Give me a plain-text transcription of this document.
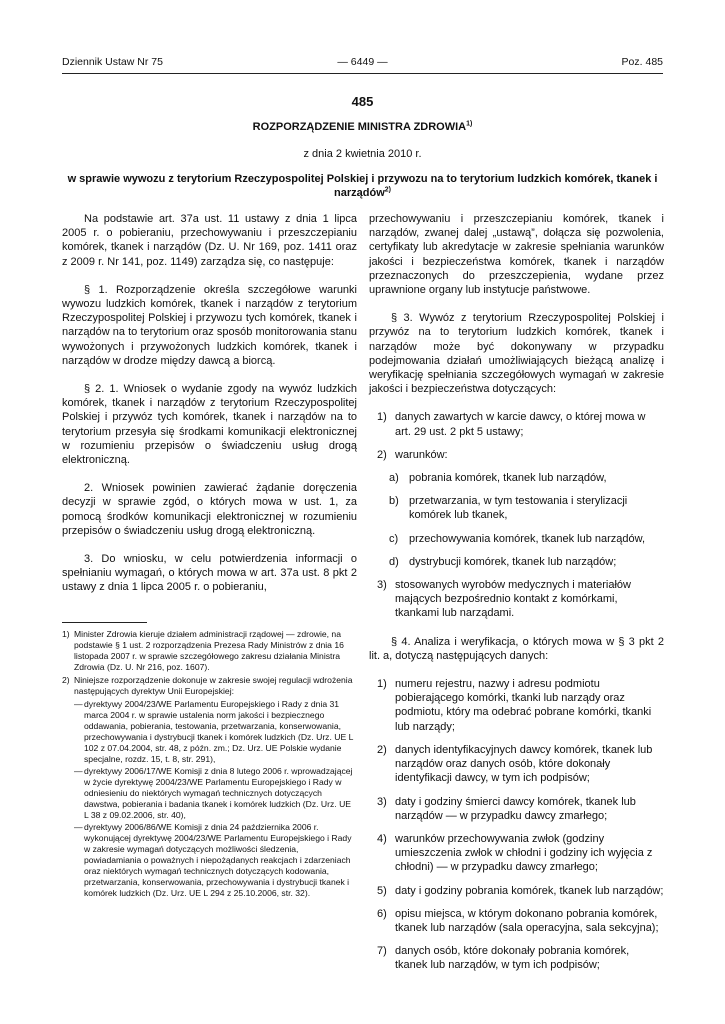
Dziennik Ustaw Nr 75	— 6449 —	Poz. 485
485
ROZPORZĄDZENIE MINISTRA ZDROWIA$^{1)}$
z dnia 2 kwietnia 2010 r.
w sprawie wywozu z terytorium Rzeczypospolitej Polskiej i przywozu na to terytorium ludzkich komórek, tkanek i narządów$^{2)}$

Na podstawie art. 37a ust. 11 ustawy z dnia 1 lipca 2005 r. o pobieraniu, przechowywaniu i przeszczepianiu komórek, tkanek i narządów (Dz. U. Nr 169, poz. 1411 oraz z 2009 r. Nr 141, poz. 1149) zarządza się, co następuje:

§ 1. Rozporządzenie określa szczegółowe warunki wywozu ludzkich komórek, tkanek i narządów z terytorium Rzeczypospolitej Polskiej i przywozu tych komórek, tkanek i narządów na to terytorium oraz sposób monitorowania stanu wywożonych i przywożonych ludzkich komórek, tkanek i narządów w drodze między dawcą a biorcą.

§ 2. 1. Wniosek o wydanie zgody na wywóz ludzkich komórek, tkanek i narządów z terytorium Rzeczypospolitej Polskiej i przywóz tych komórek, tkanek i narządów na to terytorium przesyła się środkami komunikacji elektronicznej w rozumieniu przepisów o świadczeniu usług drogą elektroniczną.

2. Wniosek powinien zawierać żądanie doręczenia decyzji w sprawie zgód, o których mowa w ust. 1, za pomocą środków komunikacji elektronicznej w rozumieniu przepisów o świadczeniu usług drogą elektroniczną.

3. Do wniosku, w celu potwierdzenia informacji o spełnianiu wymagań, o których mowa w art. 37a ust. 8 pkt 2 ustawy z dnia 1 lipca 2005 r. o pobieraniu,

1) Minister Zdrowia kieruje działem administracji rządowej — zdrowie, na podstawie § 1 ust. 2 rozporządzenia Prezesa Rady Ministrów z dnia 16 listopada 2007 r. w sprawie szczegółowego zakresu działania Ministra Zdrowia (Dz. U. Nr 216, poz. 1607).
2) Niniejsze rozporządzenie dokonuje w zakresie swojej regulacji wdrożenia następujących dyrektyw Unii Europejskiej:
— dyrektywy 2004/23/WE Parlamentu Europejskiego i Rady z dnia 31 marca 2004 r. w sprawie ustalenia norm jakości i bezpiecznego oddawania, pobierania, testowania, przetwarzania, konserwowania, przechowywania i dystrybucji tkanek i komórek ludzkich (Dz. Urz. UE L 102 z 07.04.2004, str. 48, z późn. zm.; Dz. Urz. UE Polskie wydanie specjalne, rozdz. 15, t. 8, str. 291),
— dyrektywy 2006/17/WE Komisji z dnia 8 lutego 2006 r. wprowadzającej w życie dyrektywę 2004/23/WE Parlamentu Europejskiego i Rady w odniesieniu do niektórych wymagań technicznych dotyczących dawstwa, pobierania i badania tkanek i komórek ludzkich (Dz. Urz. UE L 38 z 09.02.2006, str. 40),
— dyrektywy 2006/86/WE Komisji z dnia 24 października 2006 r. wykonującej dyrektywę 2004/23/WE Parlamentu Europejskiego i Rady w zakresie wymagań dotyczących możliwości śledzenia, powiadamiania o poważnych i niepożądanych reakcjach i zdarzeniach oraz niektórych wymagań technicznych dotyczących kodowania, przetwarzania, konserwowania, przechowywania i dystrybucji tkanek i komórek ludzkich (Dz. Urz. UE L 294 z 25.10.2006, str. 32).

przechowywaniu i przeszczepianiu komórek, tkanek i narządów, zwanej dalej „ustawą”, dołącza się pozwolenia, certyfikaty lub akredytacje w zakresie spełniania warunków jakości i bezpieczeństwa komórek, tkanek i narządów przeznaczonych do przeszczepienia, wydane przez uprawnione organy lub instytucje państwowe.

§ 3. Wywóz z terytorium Rzeczypospolitej Polskiej i przywóz na to terytorium ludzkich komórek, tkanek i narządów może być dokonywany w przypadku podejmowania działań umożliwiających bieżącą analizę i weryfikację spełniania szczegółowych wymagań w zakresie jakości i bezpieczeństwa dotyczących:

1) danych zawartych w karcie dawcy, o której mowa w art. 29 ust. 2 pkt 5 ustawy;
2) warunków:
a) pobrania komórek, tkanek lub narządów,
b) przetwarzania, w tym testowania i sterylizacji komórek lub tkanek,
c) przechowywania komórek, tkanek lub narządów,
d) dystrybucji komórek, tkanek lub narządów;
3) stosowanych wyrobów medycznych i materiałów mających bezpośrednio kontakt z komórkami, tkankami lub narządami.

§ 4. Analiza i weryfikacja, o których mowa w § 3 pkt 2 lit. a, dotyczą następujących danych:

1) numeru rejestru, nazwy i adresu podmiotu pobierającego komórki, tkanki lub narządy oraz podmiotu, który ma odebrać pobrane komórki, tkanki lub narządy;
2) danych identyfikacyjnych dawcy komórek, tkanek lub narządów oraz danych osób, które dokonały identyfikacji dawcy, w tym ich podpisów;
3) daty i godziny śmierci dawcy komórek, tkanek lub narządów — w przypadku dawcy zmarłego;
4) warunków przechowywania zwłok (godziny umieszczenia zwłok w chłodni i godziny ich wyjęcia z chłodni) — w przypadku dawcy zmarłego;
5) daty i godziny pobrania komórek, tkanek lub narządów;
6) opisu miejsca, w którym dokonano pobrania komórek, tkanek lub narządów (sala operacyjna, sala sekcyjna);
7) danych osób, które dokonały pobrania komórek, tkanek lub narządów, w tym ich podpisów;
